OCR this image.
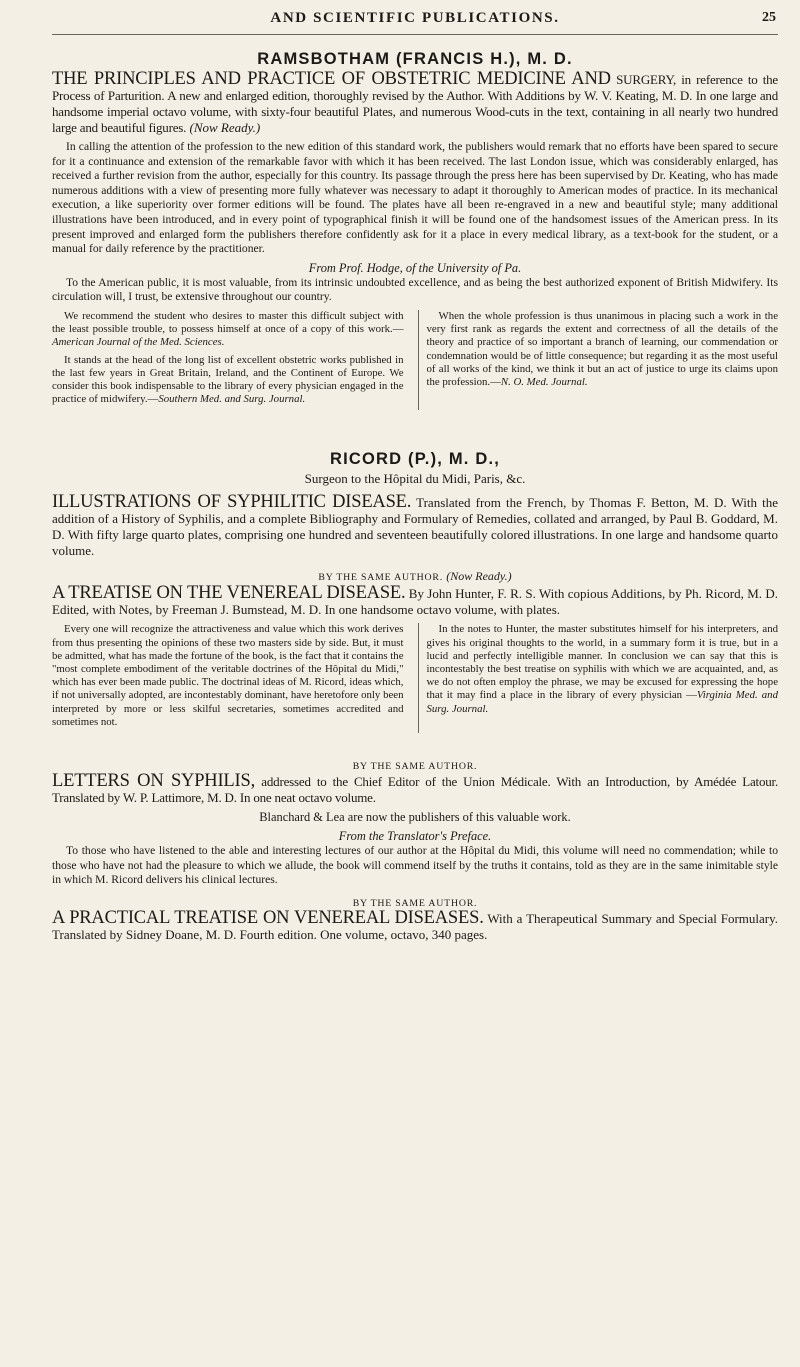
AND SCIENTIFIC PUBLICATIONS.	25
RAMSBOTHAM (FRANCIS H.), M. D.

THE PRINCIPLES AND PRACTICE OF OBSTETRIC MEDICINE AND SURGERY, in reference to the Process of Parturition. A new and enlarged edition, thoroughly revised by the Author. With Additions by W. V. Keating, M. D. In one large and handsome imperial octavo volume, with sixty-four beautiful Plates, and numerous Wood-cuts in the text, containing in all nearly two hundred large and beautiful figures. (Now Ready.)

In calling the attention of the profession to the new edition of this standard work, the publishers would remark that no efforts have been spared to secure for it a continuance and extension of the remarkable favor with which it has been received. The last London issue, which was considerably enlarged, has received a further revision from the author, especially for this country. Its passage through the press here has been supervised by Dr. Keating, who has made numerous additions with a view of presenting more fully whatever was necessary to adapt it thoroughly to American modes of practice. In its mechanical execution, a like superiority over former editions will be found. The plates have all been re-engraved in a new and beautiful style; many additional illustrations have been introduced, and in every point of typographical finish it will be found one of the handsomest issues of the American press. In its present improved and enlarged form the publishers therefore confidently ask for it a place in every medical library, as a text-book for the student, or a manual for daily reference by the practitioner.

From Prof. Hodge, of the University of Pa.

To the American public, it is most valuable, from its intrinsic undoubted excellence, and as being the best authorized exponent of British Midwifery. Its circulation will, I trust, be extensive throughout our country.

We recommend the student who desires to master this difficult subject with the least possible trouble, to possess himself at once of a copy of this work.—American Journal of the Med. Sciences.

It stands at the head of the long list of excellent obstetric works published in the last few years in Great Britain, Ireland, and the Continent of Europe. We consider this book indispensable to the library of every physician engaged in the practice of midwifery.—Southern Med. and Surg. Journal.

When the whole profession is thus unanimous in placing such a work in the very first rank as regards the extent and correctness of all the details of the theory and practice of so important a branch of learning, our commendation or condemnation would be of little consequence; but regarding it as the most useful of all works of the kind, we think it but an act of justice to urge its claims upon the profession.—N. O. Med. Journal.

RICORD (P.), M. D.,
Surgeon to the Hôpital du Midi, Paris, &c.

ILLUSTRATIONS OF SYPHILITIC DISEASE. Translated from the French, by Thomas F. Betton, M. D. With the addition of a History of Syphilis, and a complete Bibliography and Formulary of Remedies, collated and arranged, by Paul B. Goddard, M. D. With fifty large quarto plates, comprising one hundred and seventeen beautifully colored illustrations. In one large and handsome quarto volume.

BY THE SAME AUTHOR. (Now Ready.)

A TREATISE ON THE VENEREAL DISEASE. By John Hunter, F. R. S. With copious Additions, by Ph. Ricord, M. D. Edited, with Notes, by Freeman J. Bumstead, M. D. In one handsome octavo volume, with plates.

Every one will recognize the attractiveness and value which this work derives from thus presenting the opinions of these two masters side by side. But, it must be admitted, what has made the fortune of the book, is the fact that it contains the "most complete embodiment of the veritable doctrines of the Hôpital du Midi," which has ever been made public. The doctrinal ideas of M. Ricord, ideas which, if not universally adopted, are incontestably dominant, have heretofore only been interpreted by more or less skilful secretaries, sometimes accredited and sometimes not.

In the notes to Hunter, the master substitutes himself for his interpreters, and gives his original thoughts to the world, in a summary form it is true, but in a lucid and perfectly intelligible manner. In conclusion we can say that this is incontestably the best treatise on syphilis with which we are acquainted, and, as we do not often employ the phrase, we may be excused for expressing the hope that it may find a place in the library of every physician —Virginia Med. and Surg. Journal.

BY THE SAME AUTHOR.

LETTERS ON SYPHILIS, addressed to the Chief Editor of the Union Médicale. With an Introduction, by Amédée Latour. Translated by W. P. Lattimore, M. D. In one neat octavo volume.

Blanchard & Lea are now the publishers of this valuable work.

From the Translator's Preface.

To those who have listened to the able and interesting lectures of our author at the Hôpital du Midi, this volume will need no commendation; while to those who have not had the pleasure to which we allude, the book will commend itself by the truths it contains, told as they are in the same inimitable style in which M. Ricord delivers his clinical lectures.

BY THE SAME AUTHOR.

A PRACTICAL TREATISE ON VENEREAL DISEASES. With a Therapeutical Summary and Special Formulary. Translated by Sidney Doane, M. D. Fourth edition. One volume, octavo, 340 pages.
